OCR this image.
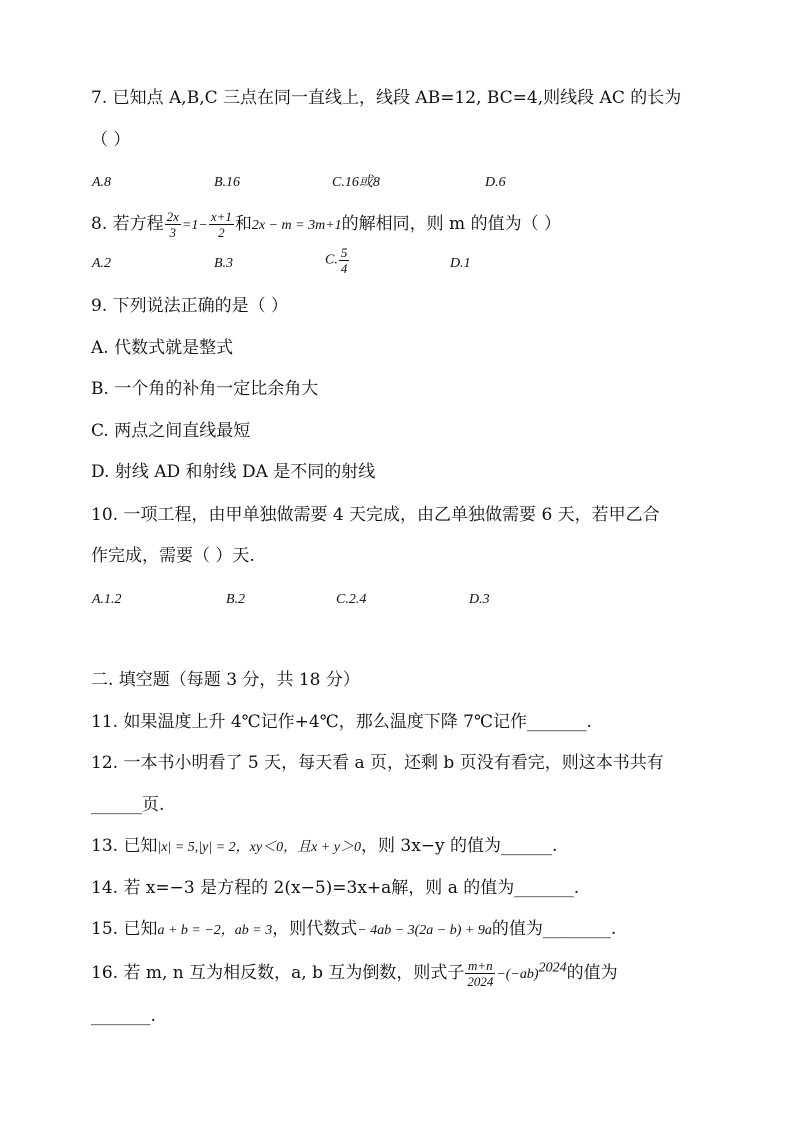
7. 已知点 A,B,C 三点在同一直线上，线段 AB=12, BC=4,则线段 AC 的长为
（ ）
A.8	B.16	C.16或8	D.6
8. 若方程 $\frac{2x}{3} =1- \frac{x+1}{2}$ 和2x − m = 3m+1的解相同，则 m 的值为（ ）
A.2	B.3	C. $\frac{5}{4}$	D.1
9. 下列说法正确的是（ ）
A. 代数式就是整式
B. 一个角的补角一定比余角大
C. 两点之间直线最短
D. 射线 AD 和射线 DA 是不同的射线
10. 一项工程，由甲单独做需要 4 天完成，由乙单独做需要 6 天，若甲乙合
作完成，需要（ ）天.
A.1.2	B.2	C.2.4	D.3
二. 填空题（每题 3 分，共 18 分）
11. 如果温度上升 4℃记作+4℃，那么温度下降 7℃记作_______.
12. 一本书小明看了 5 天，每天看 a 页，还剩 b 页没有看完，则这本书共有
______页.
13. 已知|x| = 5,|y| = 2，xy＜0，且x + y＞0，则 3x−y 的值为______.
14. 若 x=−3 是方程的 2(x−5)=3x+a解，则 a 的值为_______.
15. 已知a + b = −2，ab = 3，则代数式− 4ab − 3(2a − b) + 9a的值为________.
16. 若 m, n 互为相反数，a, b 互为倒数，则式子 $\frac{m+n}{2024} -(-ab)^{2024}$的值为
_______.
